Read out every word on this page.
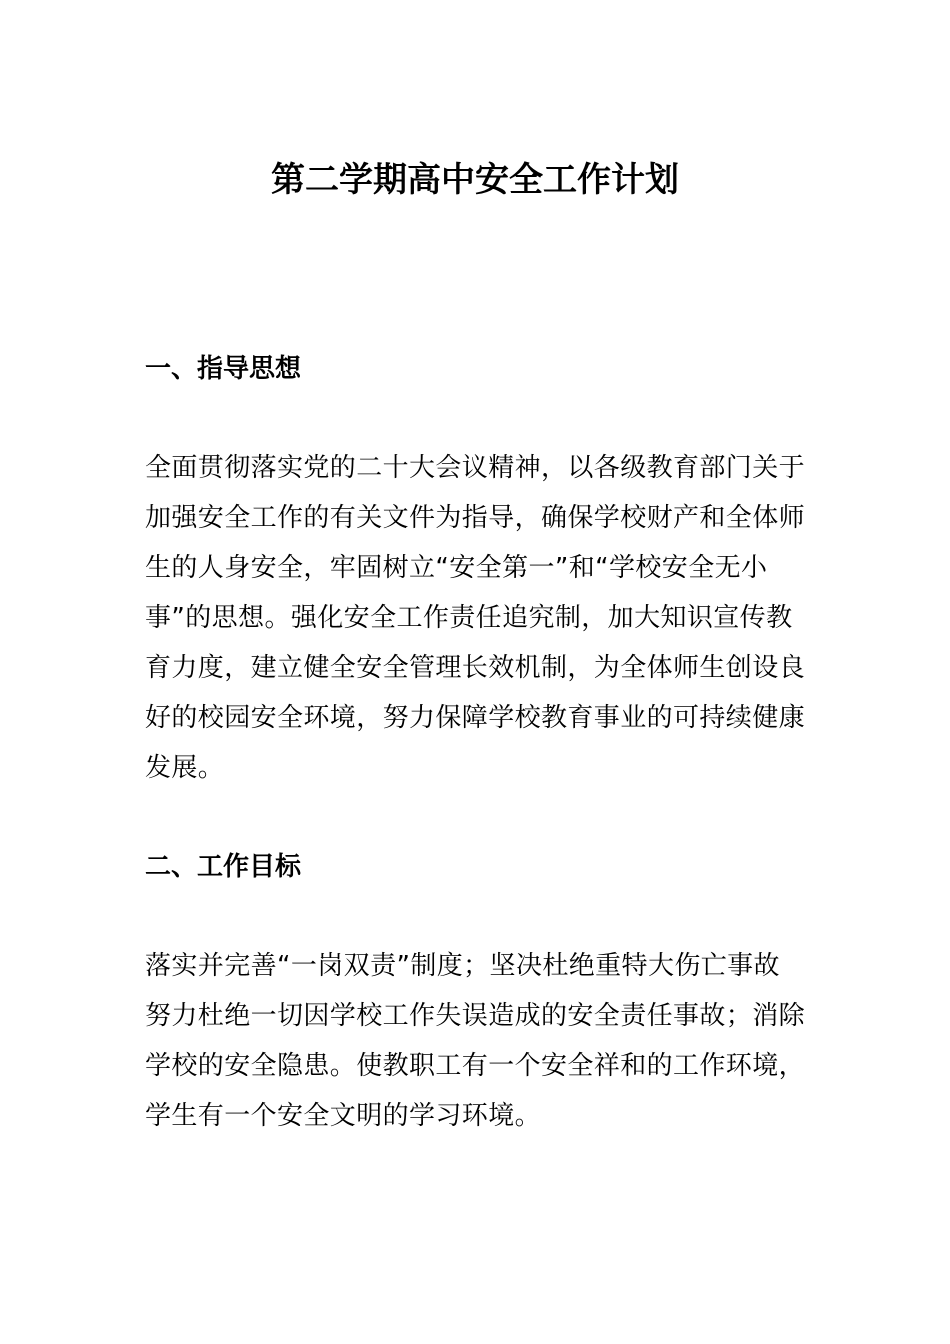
第二学期高中安全工作计划
一、指导思想
全面贯彻落实党的二十大会议精神，以各级教育部门关于
加强安全工作的有关文件为指导，确保学校财产和全体师
生的人身安全，牢固树立“安全第一”和“学校安全无小
事”的思想。强化安全工作责任追究制，加大知识宣传教
育力度，建立健全安全管理长效机制，为全体师生创设良
好的校园安全环境，努力保障学校教育事业的可持续健康
发展。
二、工作目标
落实并完善“一岗双责”制度；坚决杜绝重特大伤亡事故
努力杜绝一切因学校工作失误造成的安全责任事故；消除
学校的安全隐患。使教职工有一个安全祥和的工作环境，
学生有一个安全文明的学习环境。
